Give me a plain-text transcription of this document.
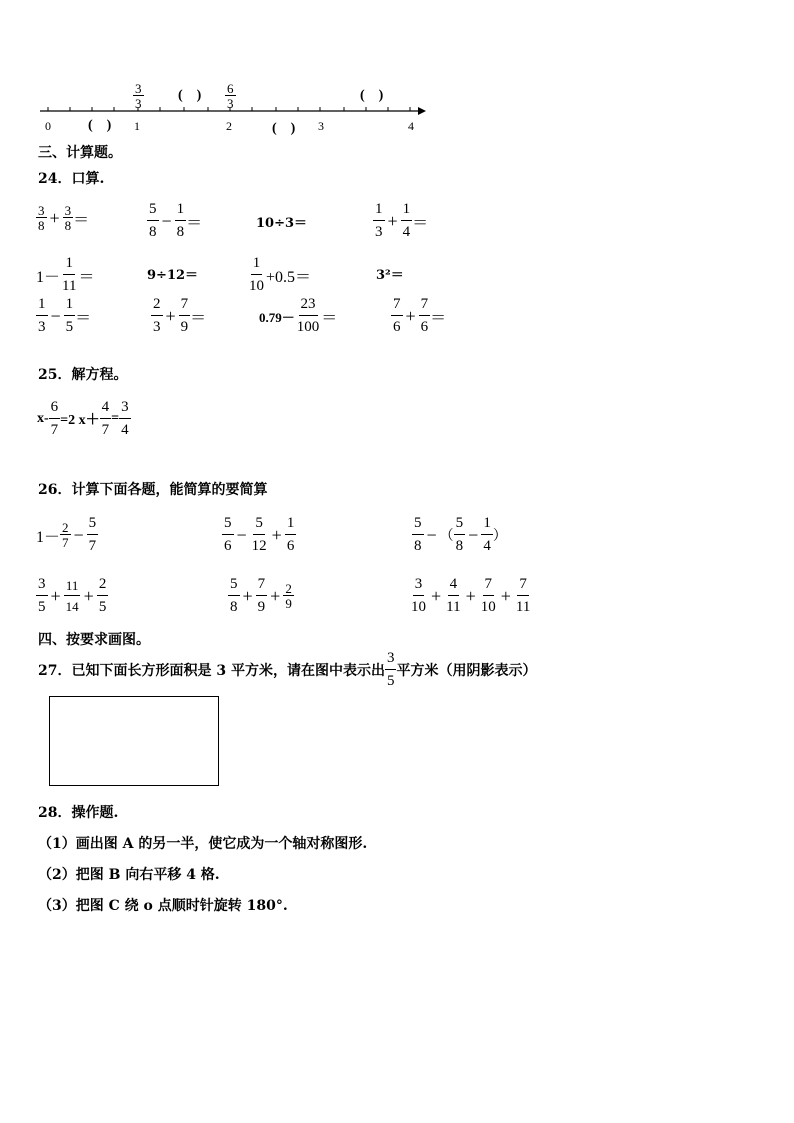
0	1	2	3	4
$\frac{3}{3}$	$\frac{6}{3}$
(    )	(    )
(    )	(    )
三、计算题。
24．口算.
$\frac{3}{8} + \frac{3}{8}$ ＝	$\frac{5}{8} - \frac{1}{8}$ ＝	10÷3＝	$\frac{1}{3} + \frac{1}{4}$ ＝
$1- \frac{1}{11}$ ＝	9÷12＝	$\frac{1}{10} +0.5=$	3²＝
$\frac{1}{3} - \frac{1}{5}$ ＝	$\frac{2}{3} + \frac{7}{9}$ ＝	$0.79- \frac{23}{100}$ ＝	$\frac{7}{6} + \frac{7}{6}$ ＝
25．解方程。
$x- \frac{6}{7} =2$ $x+ \frac{4}{7} = \frac{3}{4}$
26．计算下面各题，能简算的要简算
$1- \frac{2}{7} - \frac{5}{7}$	$\frac{5}{6} - \frac{5}{12} + \frac{1}{6}$	$\frac{5}{8}$ − （ $\frac{5}{8} - \frac{1}{4}$ ）
$\frac{3}{5} + \frac{11}{14} + \frac{2}{5}$	$\frac{5}{8} + \frac{7}{9} + \frac{2}{9}$	$\frac{3}{10} + \frac{4}{11} + \frac{7}{10} + \frac{7}{11}$
四、按要求画图。
27．已知下面长方形面积是 3 平方米，请在图中表示出 $\frac{3}{5}$ 平方米（用阴影表示）
28．操作题.
（1）画出图 A 的另一半，使它成为一个轴对称图形.
（2）把图 B 向右平移 4 格.
（3）把图 C 绕 o 点顺时针旋转 180°.
